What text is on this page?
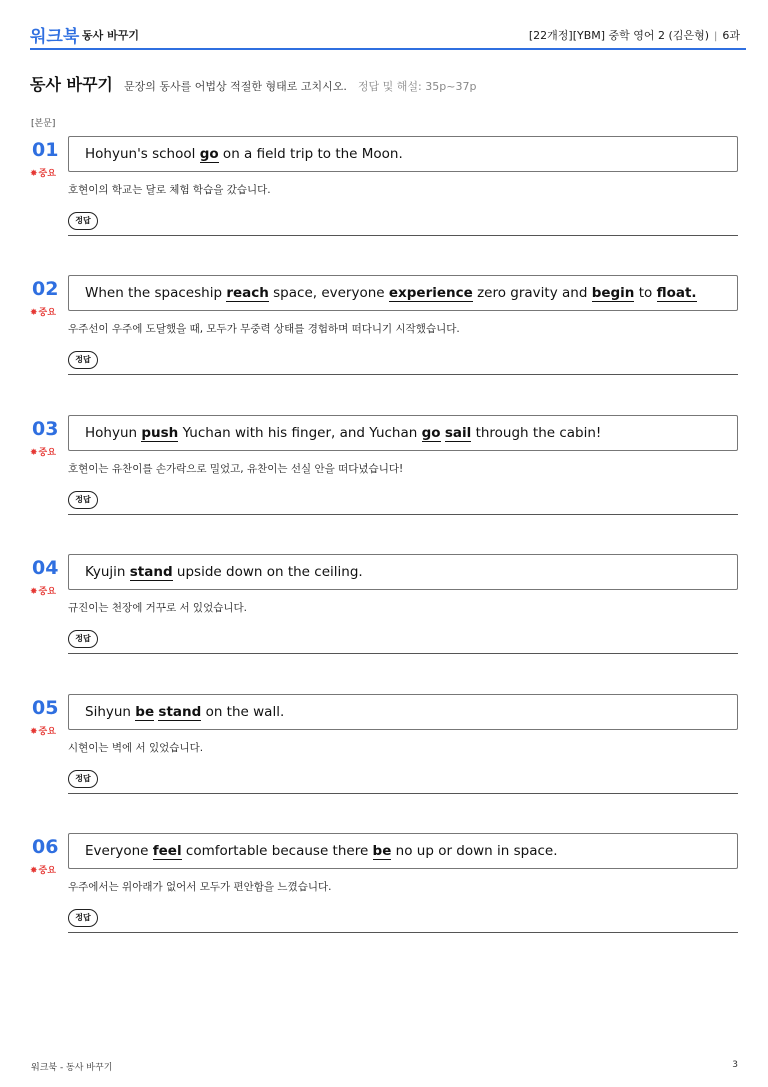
워크북 동사 바꾸기	[22개정][YBM] 중학 영어 2 (김은형) | 6과
동사 바꾸기 문장의 동사를 어법상 적절한 형태로 고치시오. 정답 및 해설: 35p~37p
[본문]
01
✸중요
Hohyun's school go on a field trip to the Moon.
호현이의 학교는 달로 체험 학습을 갔습니다.
정답
02
✸중요
When the spaceship reach space, everyone experience zero gravity and begin to float.
우주선이 우주에 도달했을 때, 모두가 무중력 상태를 경험하며 떠다니기 시작했습니다.
정답
03
✸중요
Hohyun push Yuchan with his finger, and Yuchan go sail through the cabin!
호현이는 유찬이를 손가락으로 밀었고, 유찬이는 선실 안을 떠다녔습니다!
정답
04
✸중요
Kyujin stand upside down on the ceiling.
규진이는 천장에 거꾸로 서 있었습니다.
정답
05
✸중요
Sihyun be stand on the wall.
시현이는 벽에 서 있었습니다.
정답
06
✸중요
Everyone feel comfortable because there be no up or down in space.
우주에서는 위아래가 없어서 모두가 편안함을 느꼈습니다.
정답
워크북 - 동사 바꾸기	3
